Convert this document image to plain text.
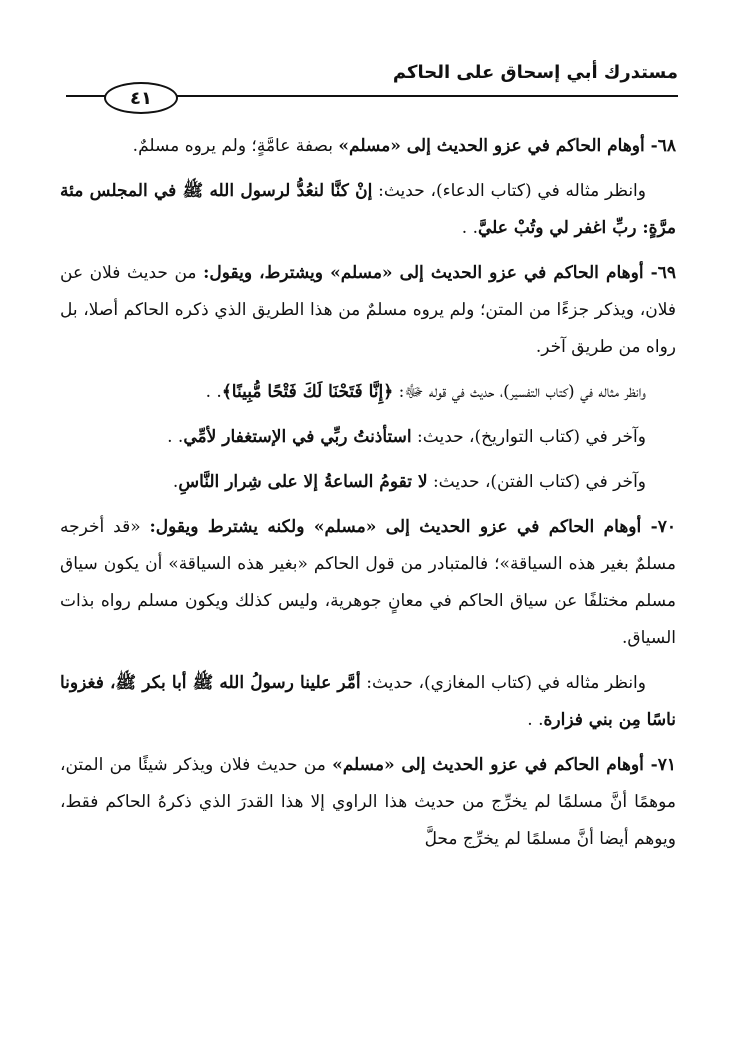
مستدرك أبي إسحاق على الحاكم
٤١

٦٨- أوهام الحاكم في عزو الحديث إلى «مسلم» بصفة عامَّةٍ؛ ولم يروه مسلمٌ.

وانظر مثاله في (كتاب الدعاء)، حديث: إنْ كنَّا لنعُدُّ لرسول الله ﷺ في المجلس مئة مرَّةٍ: ربِّ اغفر لي وتُبْ عليَّ. .

٦٩- أوهام الحاكم في عزو الحديث إلى «مسلم» ويشترط، ويقول: من حديث فلان عن فلان، ويذكر جزءًا من المتن؛ ولم يروه مسلمٌ من هذا الطريق الذي ذكره الحاكم أصلا، بل رواه من طريق آخر.

وانظر مثاله في (كتاب التفسير)، حديث في قوله ﷻ: ﴿إِنَّا فَتَحْنَا لَكَ فَتْحًا مُّبِينًا﴾. .

وآخر في (كتاب التواريخ)، حديث: استأذنتُ ربِّي في الإستغفار لأمِّي. .

وآخر في (كتاب الفتن)، حديث: لا تقومُ الساعةُ إلا على شِرار النَّاسِ.

٧٠- أوهام الحاكم في عزو الحديث إلى «مسلم» ولكنه يشترط ويقول: «قد أخرجه مسلمٌ بغير هذه السياقة»؛ فالمتبادر من قول الحاكم «بغير هذه السياقة» أن يكون سياق مسلم مختلفًا عن سياق الحاكم في معانٍ جوهرية، وليس كذلك ويكون مسلم رواه بذات السياق.

وانظر مثاله في (كتاب المغازي)، حديث: أمَّر علينا رسولُ الله ﷺ أبا بكر ﷺ، فغزونا ناسًا مِن بني فزارة. .

٧١- أوهام الحاكم في عزو الحديث إلى «مسلم» من حديث فلان ويذكر شيئًا من المتن، موهمًا أنَّ مسلمًا لم يخرِّج من حديث هذا الراوي إلا هذا القدرَ الذي ذكرهُ الحاكم فقط، ويوهم أيضا أنَّ مسلمًا لم يخرِّج محلَّ
